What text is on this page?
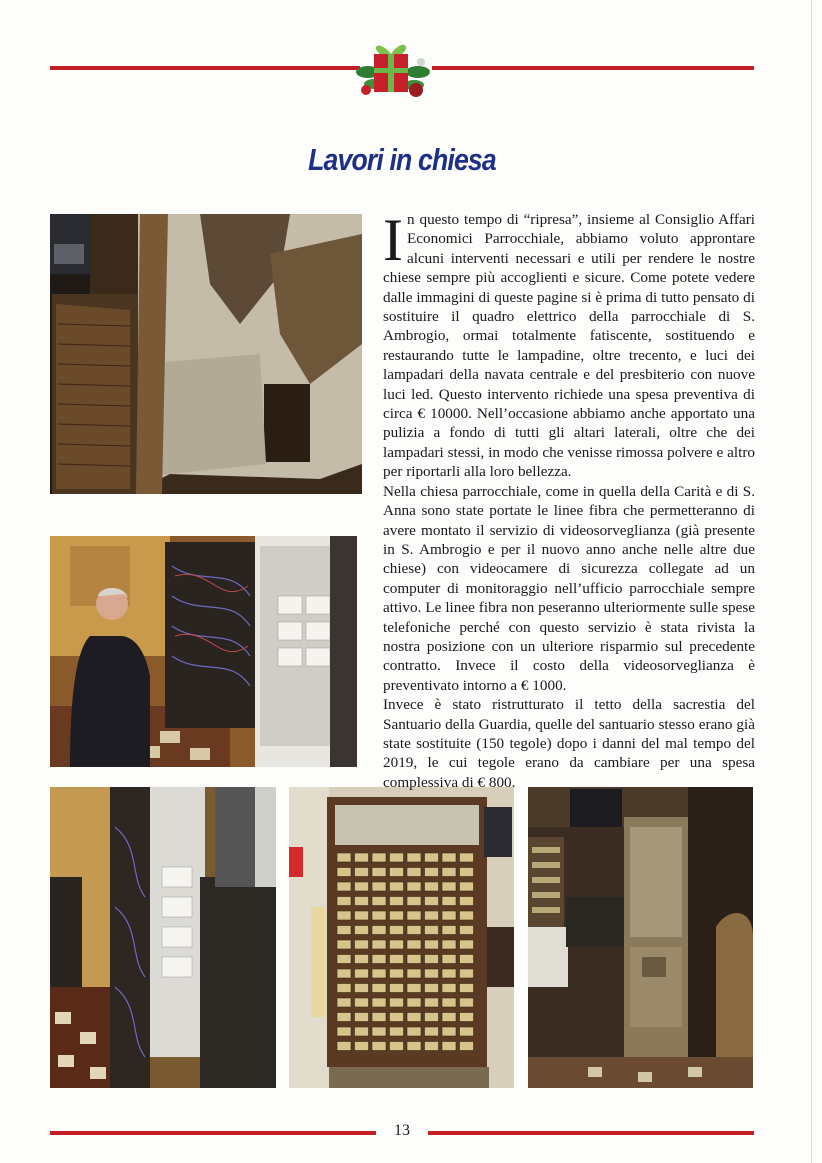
Lavori in chiesa
I n questo tempo di “ripresa”, insieme al Consiglio Affari Economici Parrocchiale, abbiamo voluto approntare alcuni interventi necessari e utili per rendere le nostre chiese sempre più accoglienti e sicure. Come potete vedere dalle immagini di queste pagine si è prima di tutto pensato di sostituire il quadro elettrico della parrocchiale di S. Ambrogio, ormai totalmente fatiscente, sostituendo e restaurando tutte le lampadine, oltre trecento, e luci dei lampadari della navata centrale e del presbiterio con nuove luci led. Questo intervento richiede una spesa preventiva di circa € 10000. Nell’occasione abbiamo anche apportato una pulizia a fondo di tutti gli altari laterali, oltre che dei lampadari stessi, in modo che venisse rimossa polvere e altro per riportarli alla loro bellezza.

Nella chiesa parrocchiale, come in quella della Carità e di S. Anna sono state portate le linee fibra che permetteranno di avere montato il servizio di videosorveglianza (già presente in S. Ambrogio e per il nuovo anno anche nelle altre due chiese) con videocamere di sicurezza collegate ad un computer di monitoraggio nell’ufficio parrocchiale sempre attivo. Le linee fibra non peseranno ulteriormente sulle spese telefoniche perché con questo servizio è stata rivista la nostra posizione con un ulteriore risparmio sul precedente contratto. Invece il costo della videosorveglianza è preventivato intorno a € 1000.

Invece è stato ristrutturato il tetto della sacrestia del Santuario della Guardia, quelle del santuario stesso erano già state sostituite (150 tegole) dopo i danni del mal tempo del 2019, le cui tegole erano da cambiare per una spesa complessiva di € 800.

13
